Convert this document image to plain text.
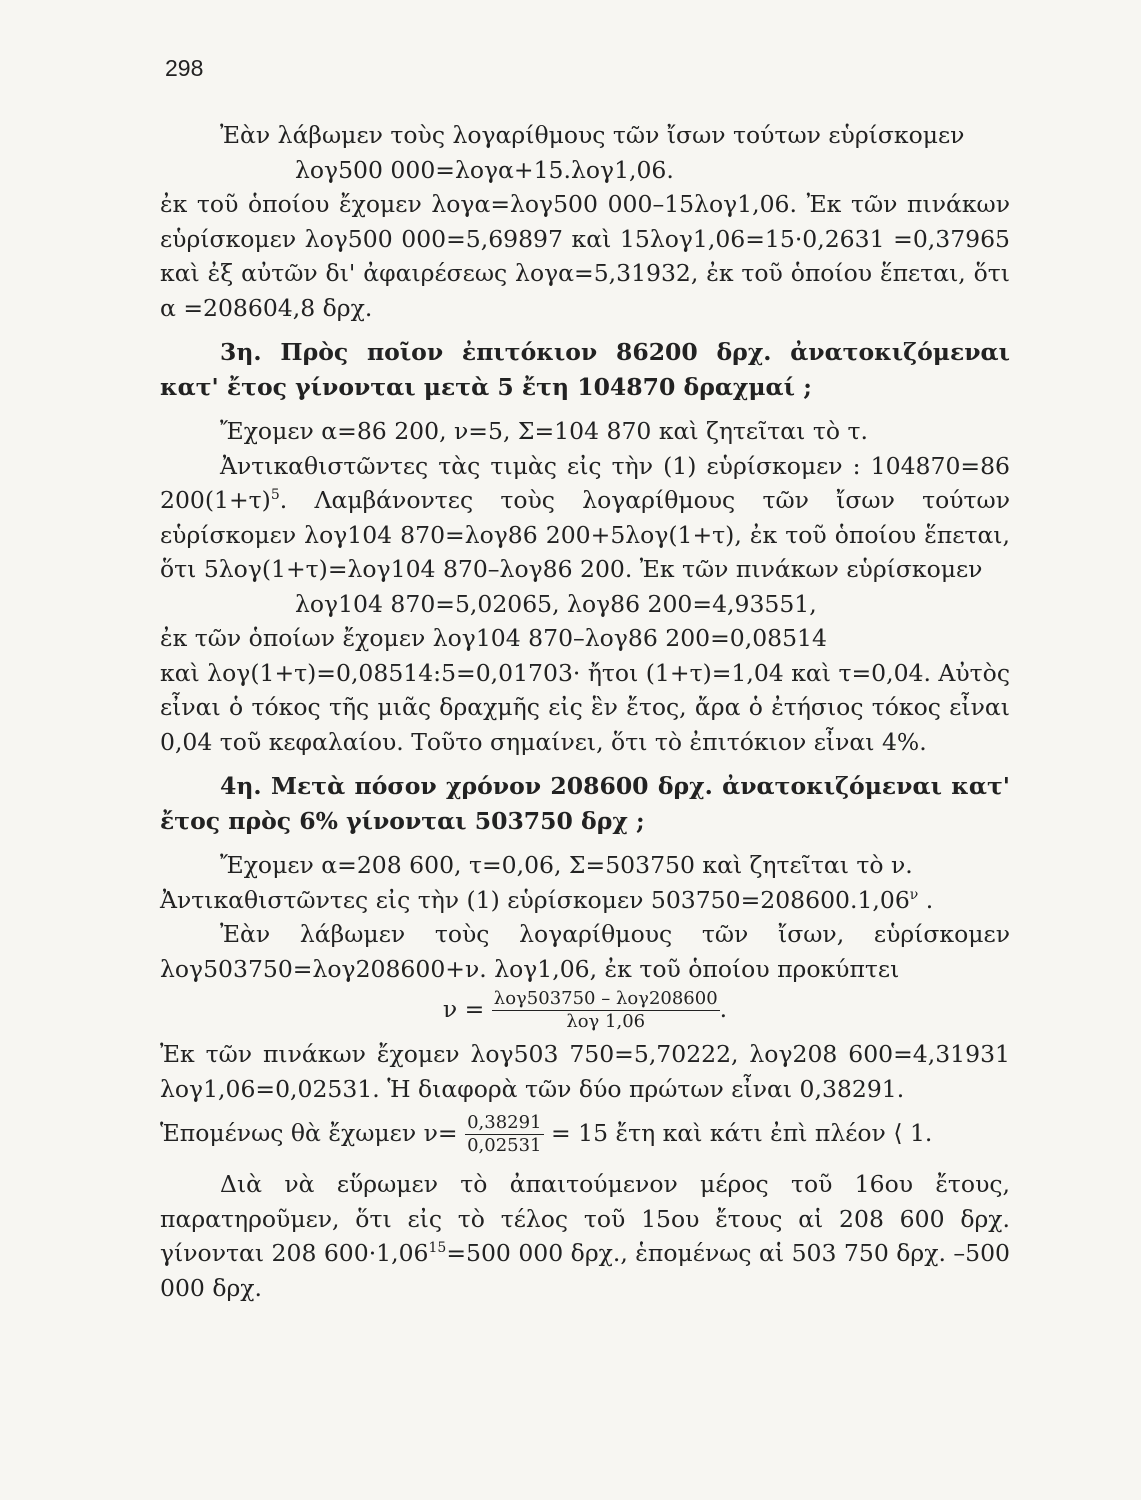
298

Ἐὰν λάβωμεν τοὺς λογαρίθμους τῶν ἴσων τούτων εὑρίσκομεν

λογ500 000=λογα+15.λογ1,06.

ἐκ τοῦ ὁποίου ἔχομεν λογα=λογ500 000–15λογ1,06. Ἐκ τῶν πινάκων εὑρίσκομεν λογ500 000=5,69897 καὶ 15λογ1,06=15·0,2631 =0,37965 καὶ ἐξ αὐτῶν δι' ἀφαιρέσεως λογα=5,31932, ἐκ τοῦ ὁποίου ἕπεται, ὅτι α =208604,8 δρχ.

3η. Πρὸς ποῖον ἐπιτόκιον 86200 δρχ. ἀνατοκιζόμεναι κατ' ἔτος γίνονται μετὰ 5 ἔτη 104870 δραχμαί ;

Ἔχομεν α=86 200, ν=5, Σ=104 870 καὶ ζητεῖται τὸ τ.

Ἀντικαθιστῶντες τὰς τιμὰς εἰς τὴν (1) εὑρίσκομεν : 104870=86 $200(1+\tau)^5$. Λαμβάνοντες τοὺς λογαρίθμους τῶν ἴσων τούτων εὑρίσκομεν λογ104 870=λογ86 200+5λογ(1+τ), ἐκ τοῦ ὁποίου ἕπεται, ὅτι 5λογ(1+τ)=λογ104 870–λογ86 200. Ἐκ τῶν πινάκων εὑρίσκομεν

λογ104 870=5,02065, λογ86 200=4,93551,

ἐκ τῶν ὁποίων ἔχομεν λογ104 870–λογ86 200=0,08514

καὶ λογ(1+τ)=0,08514:5=0,01703· ἤτοι (1+τ)=1,04 καὶ τ=0,04. Αὐτὸς εἶναι ὁ τόκος τῆς μιᾶς δραχμῆς εἰς ἓν ἔτος, ἄρα ὁ ἐτήσιος τόκος εἶναι 0,04 τοῦ κεφαλαίου. Τοῦτο σημαίνει, ὅτι τὸ ἐπιτόκιον εἶναι 4%.

4η. Μετὰ πόσον χρόνον 208600 δρχ. ἀνατοκιζόμεναι κατ' ἔτος πρὸς 6% γίνονται 503750 δρχ ;

Ἔχομεν α=208 600, τ=0,06, Σ=503750 καὶ ζητεῖται τὸ ν.

Ἀντικαθιστῶντες εἰς τὴν (1) εὑρίσκομεν $503750=208600.1,06^\nu$ .

Ἐὰν λάβωμεν τοὺς λογαρίθμους τῶν ἴσων, εὑρίσκομεν λογ503750=λογ208600+ν. λογ1,06, ἐκ τοῦ ὁποίου προκύπτει

$\nu = \frac{\text{λογ503750 – λογ208600}}{\text{λογ 1,06}}$ .

Ἐκ τῶν πινάκων ἔχομεν λογ503 750=5,70222, λογ208 600=4,31931 λογ1,06=0,02531. Ἡ διαφορὰ τῶν δύο πρώτων εἶναι 0,38291.

Ἑπομένως θὰ ἔχωμεν $\nu= \frac{0,38291}{0,02531} = 15$ ἔτη καὶ κάτι ἐπὶ πλέον ⟨ 1.

Διὰ νὰ εὕρωμεν τὸ ἀπαιτούμενον μέρος τοῦ 16ου ἔτους, παρατηροῦμεν, ὅτι εἰς τὸ τέλος τοῦ 15ου ἔτους αἱ 208 600 δρχ. γίνονται 208 $600\cdot 1,06^{15}=500$ 000 δρχ., ἑπομένως αἱ 503 750 δρχ. –500 000 δρχ.
